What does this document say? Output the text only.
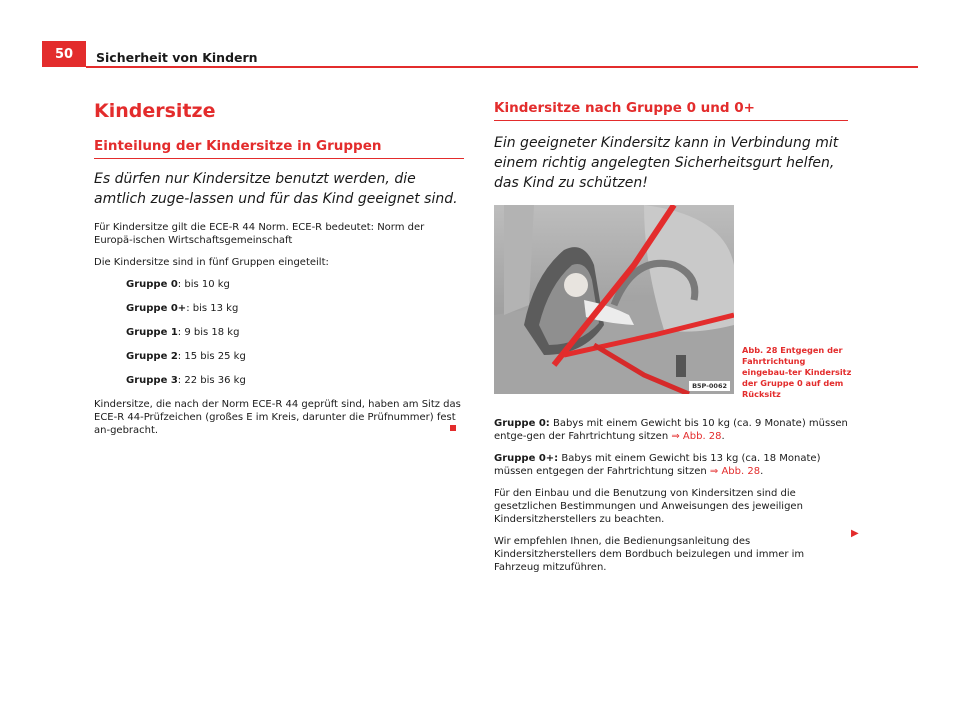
50	Sicherheit von Kindern
Kindersitze
Einteilung der Kindersitze in Gruppen
Es dürfen nur Kindersitze benutzt werden, die amtlich zuge-lassen und für das Kind geeignet sind.

Für Kindersitze gilt die ECE-R 44 Norm. ECE-R bedeutet: Norm der Europä-ischen Wirtschaftsgemeinschaft

Die Kindersitze sind in fünf Gruppen eingeteilt:

Gruppe 0: bis 10 kg
Gruppe 0+: bis 13 kg
Gruppe 1: 9 bis 18 kg
Gruppe 2: 15 bis 25 kg
Gruppe 3: 22 bis 36 kg

Kindersitze, die nach der Norm ECE-R 44 geprüft sind, haben am Sitz das ECE-R 44-Prüfzeichen (großes E im Kreis, darunter die Prüfnummer) fest an-gebracht.

Kindersitze nach Gruppe 0 und 0+
Ein geeigneter Kindersitz kann in Verbindung mit einem richtig angelegten Sicherheitsgurt helfen, das Kind zu schützen!
B5P-0062
Abb. 28 Entgegen der Fahrtrichtung eingebau-ter Kindersitz der Gruppe 0 auf dem Rücksitz

Gruppe 0: Babys mit einem Gewicht bis 10 kg (ca. 9 Monate) müssen entge-gen der Fahrtrichtung sitzen ⇒ Abb. 28.

Gruppe 0+: Babys mit einem Gewicht bis 13 kg (ca. 18 Monate) müssen entgegen der Fahrtrichtung sitzen ⇒ Abb. 28.

Für den Einbau und die Benutzung von Kindersitzen sind die gesetzlichen Bestimmungen und Anweisungen des jeweiligen Kindersitzherstellers zu beachten.

Wir empfehlen Ihnen, die Bedienungsanleitung des Kindersitzherstellers dem Bordbuch beizulegen und immer im Fahrzeug mitzuführen.

▶
